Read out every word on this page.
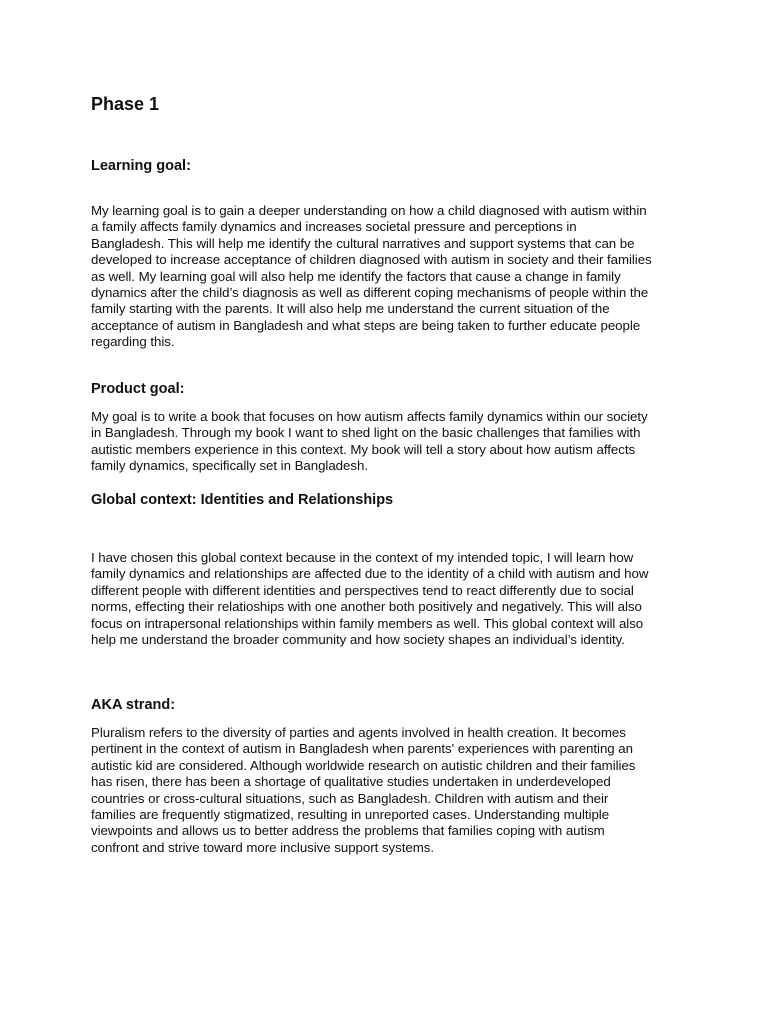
Phase 1
Learning goal:
My learning goal is to gain a deeper understanding on how a child diagnosed with autism within
a family affects family dynamics and increases societal pressure and perceptions in
Bangladesh. This will help me identify the cultural narratives and support systems that can be
developed to increase acceptance of children diagnosed with autism in society and their families
as well. My learning goal will also help me identify the factors that cause a change in family
dynamics after the child’s diagnosis as well as different coping mechanisms of people within the
family starting with the parents. It will also help me understand the current situation of the
acceptance of autism in Bangladesh and what steps are being taken to further educate people
regarding this.
Product goal:
My goal is to write a book that focuses on how autism affects family dynamics within our society
in Bangladesh. Through my book I want to shed light on the basic challenges that families with
autistic members experience in this context. My book will tell a story about how autism affects
family dynamics, specifically set in Bangladesh.
Global context: Identities and Relationships
I have chosen this global context because in the context of my intended topic, I will learn how
family dynamics and relationships are affected due to the identity of a child with autism and how
different people with different identities and perspectives tend to react differently due to social
norms, effecting their relatioships with one another both positively and negatively. This will also
focus on intrapersonal relationships within family members as well. This global context will also
help me understand the broader community and how society shapes an individual’s identity.
AKA strand:
Pluralism refers to the diversity of parties and agents involved in health creation. It becomes
pertinent in the context of autism in Bangladesh when parents' experiences with parenting an
autistic kid are considered. Although worldwide research on autistic children and their families
has risen, there has been a shortage of qualitative studies undertaken in underdeveloped
countries or cross-cultural situations, such as Bangladesh. Children with autism and their
families are frequently stigmatized, resulting in unreported cases. Understanding multiple
viewpoints and allows us to better address the problems that families coping with autism
confront and strive toward more inclusive support systems.
